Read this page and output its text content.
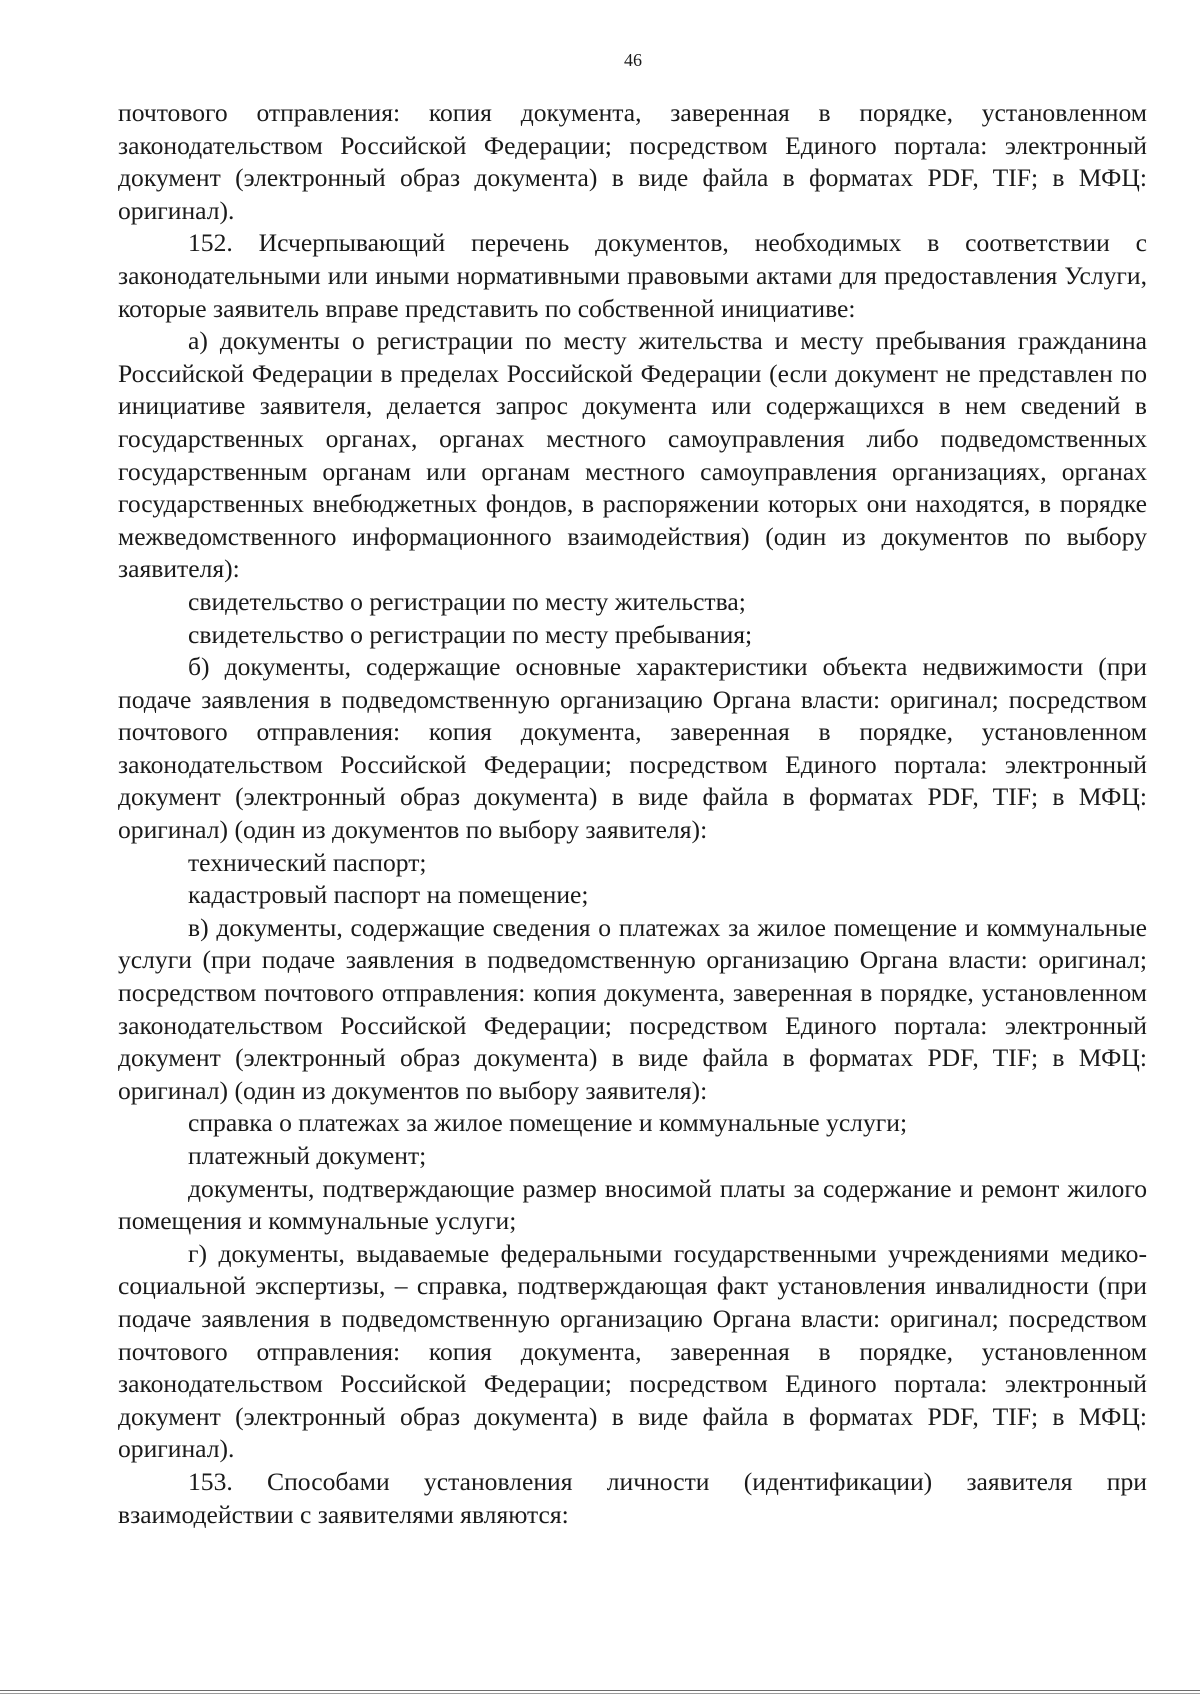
46

почтового отправления: копия документа, заверенная в порядке, установленном законодательством Российской Федерации; посредством Единого портала: электронный документ (электронный образ документа) в виде файла в форматах PDF, TIF; в МФЦ: оригинал).

152. Исчерпывающий перечень документов, необходимых в соответствии с законодательными или иными нормативными правовыми актами для предоставления Услуги, которые заявитель вправе представить по собственной инициативе:

а) документы о регистрации по месту жительства и месту пребывания гражданина Российской Федерации в пределах Российской Федерации (если документ не представлен по инициативе заявителя, делается запрос документа или содержащихся в нем сведений в государственных органах, органах местного самоуправления либо подведомственных государственным органам или органам местного самоуправления организациях, органах государственных внебюджетных фондов, в распоряжении которых они находятся, в порядке межведомственного информационного взаимодействия) (один из документов по выбору заявителя):

свидетельство о регистрации по месту жительства;

свидетельство о регистрации по месту пребывания;

б) документы, содержащие основные характеристики объекта недвижимости (при подаче заявления в подведомственную организацию Органа власти: оригинал; посредством почтового отправления: копия документа, заверенная в порядке, установленном законодательством Российской Федерации; посредством Единого портала: электронный документ (электронный образ документа) в виде файла в форматах PDF, TIF; в МФЦ: оригинал) (один из документов по выбору заявителя):

технический паспорт;

кадастровый паспорт на помещение;

в) документы, содержащие сведения о платежах за жилое помещение и коммунальные услуги (при подаче заявления в подведомственную организацию Органа власти: оригинал; посредством почтового отправления: копия документа, заверенная в порядке, установленном законодательством Российской Федерации; посредством Единого портала: электронный документ (электронный образ документа) в виде файла в форматах PDF, TIF; в МФЦ: оригинал) (один из документов по выбору заявителя):

справка о платежах за жилое помещение и коммунальные услуги;

платежный документ;

документы, подтверждающие размер вносимой платы за содержание и ремонт жилого помещения и коммунальные услуги;

г) документы, выдаваемые федеральными государственными учреждениями медико-социальной экспертизы, – справка, подтверждающая факт установления инвалидности (при подаче заявления в подведомственную организацию Органа власти: оригинал; посредством почтового отправления: копия документа, заверенная в порядке, установленном законодательством Российской Федерации; посредством Единого портала: электронный документ (электронный образ документа) в виде файла в форматах PDF, TIF; в МФЦ: оригинал).

153. Способами установления личности (идентификации) заявителя при взаимодействии с заявителями являются:
